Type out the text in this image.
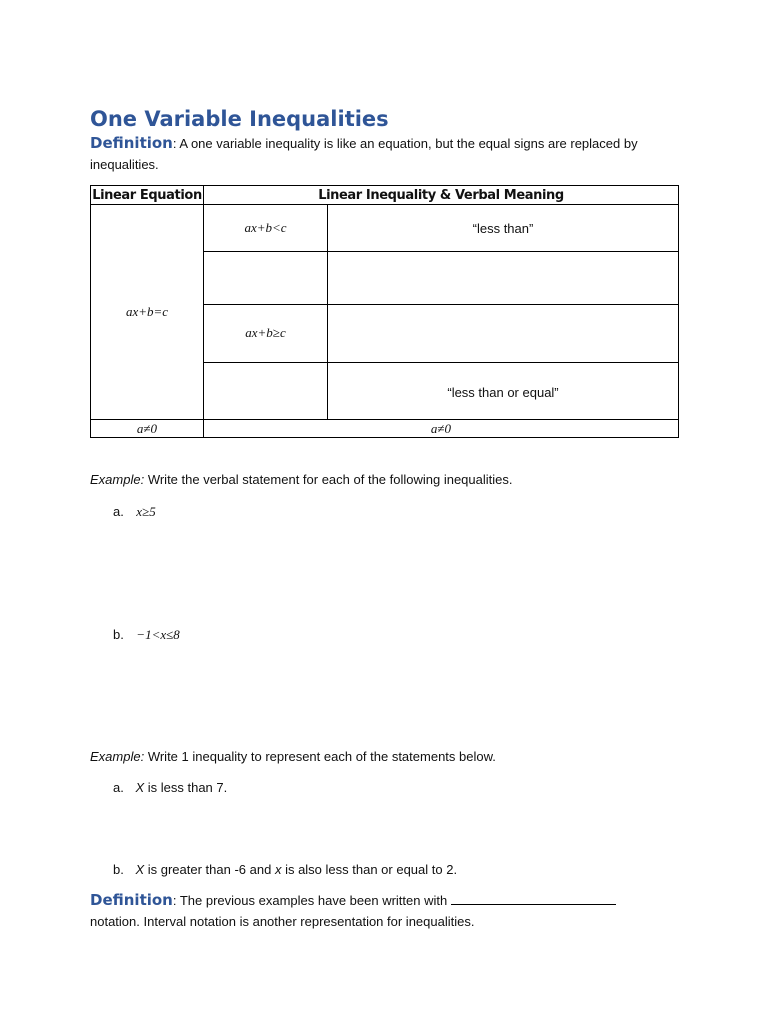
One Variable Inequalities
Definition: A one variable inequality is like an equation, but the equal signs are replaced by
inequalities.
Linear Equation	Linear Inequality & Verbal Meaning	
ax+b=c	ax+b<c	“less than”

	ax+b≥c	
		“less than or equal”
a≠0	a≠0	
Example: Write the verbal statement for each of the following inequalities.
a. x≥5
b. −1<x≤8
Example: Write 1 inequality to represent each of the statements below.
a. X is less than 7.
b. X is greater than -6 and x is also less than or equal to 2.
Definition: The previous examples have been written with
notation. Interval notation is another representation for inequalities.
